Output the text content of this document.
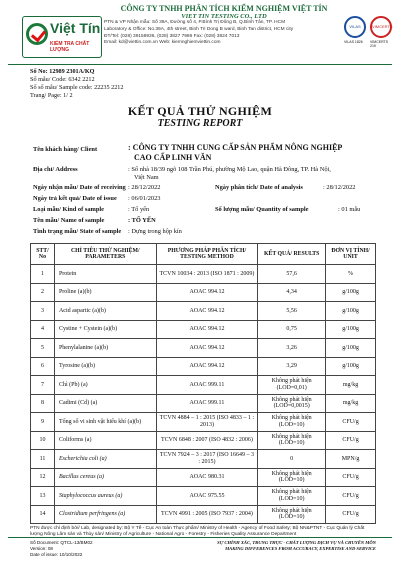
Việt Tín
KIỂM TRA CHẤT LƯỢNG
CÔNG TY TNHH PHÂN TÍCH KIỂM NGHIỆM VIỆT TÍN
VIET TIN TESTING CO., LTD
PTN & VP Nhận mẫu: Số 39A, Đường số 4, P.Bình Trị Đông B, Q.Bình Tân, TP. HCM
Laboratory & Office: No.39A, 4th street, Binh Tri Dong B ward, Binh Tan district, HCM city
ĐT/Tel: (028) 39158936, (028) 3827 7986 Fax: (028) 3824 7013
Email: kd@viettin.com.vn Web: kiemnghiemviettin.com
VILAS	VIMCERTS
VILAS 1826 VIMCERTS 219
Số No: 12989 2301A/KQ
Số mẫu/ Code: 6342 2212
Số số mẫu/ Sample code: 22235 2212
Trang/ Page: 1/ 2
KẾT QUẢ THỬ NGHIỆM
TESTING REPORT
Tên khách hàng/ Client	: CÔNG TY TNHH CUNG CẤP SẢN PHẨM NÔNG NGHIỆP
CAO CẤP LINH VĂN
Địa chỉ/ Address	: Số nhà 18/39 ngõ 108 Trần Phú, phường Mộ Lao, quận Hà Đông, TP. Hà Nội,
Việt Nam
Ngày nhận mẫu/ Date of receiving : 28/12/2022	Ngày phân tích/ Date of analysis	: 28/12/2022
Ngày trả kết quả/ Date of issue : 06/01/2023
Loại mẫu/ Kind of sample	: Tổ yến	Số lượng mẫu/ Quantity of sample	: 01 mẫu
Tên mẫu/ Name of sample	: TỔ YẾN
Tình trạng mẫu/ State of sample : Dựng trong hộp kín
STT/ No	CHỈ TIÊU THỬ NGHIỆM/ PARAMETERS	PHƯƠNG PHÁP PHÂN TÍCH/ TESTING METHOD	KẾT QUẢ/ RESULTS	ĐƠN VỊ TÍNH/ UNIT
1	Protein	TCVN 10034 : 2013 (ISO 1871 : 2009)	57,6	%
2	Proline (a)(b)	AOAC 994.12	4,34	g/100g
3	Acid aspartic (a)(b)	AOAC 994.12	5,56	g/100g
4	Cystine + Cystein (a)(b)	AOAC 994.12	0,75	g/100g
5	Phenylalanine (a)(b)	AOAC 994.12	3,26	g/100g
6	Tyrosine (a)(b)	AOAC 994.12	3,29	g/100g
7	Chì (Pb) (a)	AOAC 999.11	Không phát hiện (LOD=0,01)	mg/kg
8	Cadimi (Cd) (a)	AOAC 999.11	Không phát hiện (LOD=0,0015)	mg/kg
9	Tổng số vi sinh vật hiếu khí (a)(b)	TCVN 4884 – 1 : 2015 (ISO 4833 – 1 : 2013)	Không phát hiện (LOD=10)	CFU/g
10	Coliforms (a)	TCVN 6848 : 2007 (ISO 4832 : 2006)	Không phát hiện (LOD=10)	CFU/g
11	Escherichia coli (a)	TCVN 7924 – 3 : 2017 (ISO 16649 – 3 : 2015)	0	MPN/g
12	Bacillus cereus (a)	AOAC 980.31	Không phát hiện (LOD=10)	CFU/g
13	Staphylococcus aureus (a)	AOAC 975.55	Không phát hiện (LOD=10)	CFU/g
14	Clostridium perfringens (a)	TCVN 4991 : 2005 (ISO 7937 : 2004)	Không phát hiện (LOD=10)	CFU/g
PTN được chỉ định bởi/ Lab, designated by: Bộ Y Tế - Cục An toàn Thực phẩm/ Ministry of Health - Agency of Food Safety; Bộ NN&PTNT - Cục Quản lý Chất lượng Nông Lâm sản và Thủy sản/ Ministry of Agriculture - National Agro - Forestry - Fisheries Quality Assurance Department
Số Document: QTCL-13/BM02
Version: 08
Date of issue: 10/10/2022
SỰ CHÍNH XÁC, TRUNG THỰC - CHẤT LƯỢNG DỊCH VỤ VÀ CHUYÊN MÔN
MAKING DIFFERENCES FROM ACCURACY, EXPERTISE AND SERVICE
